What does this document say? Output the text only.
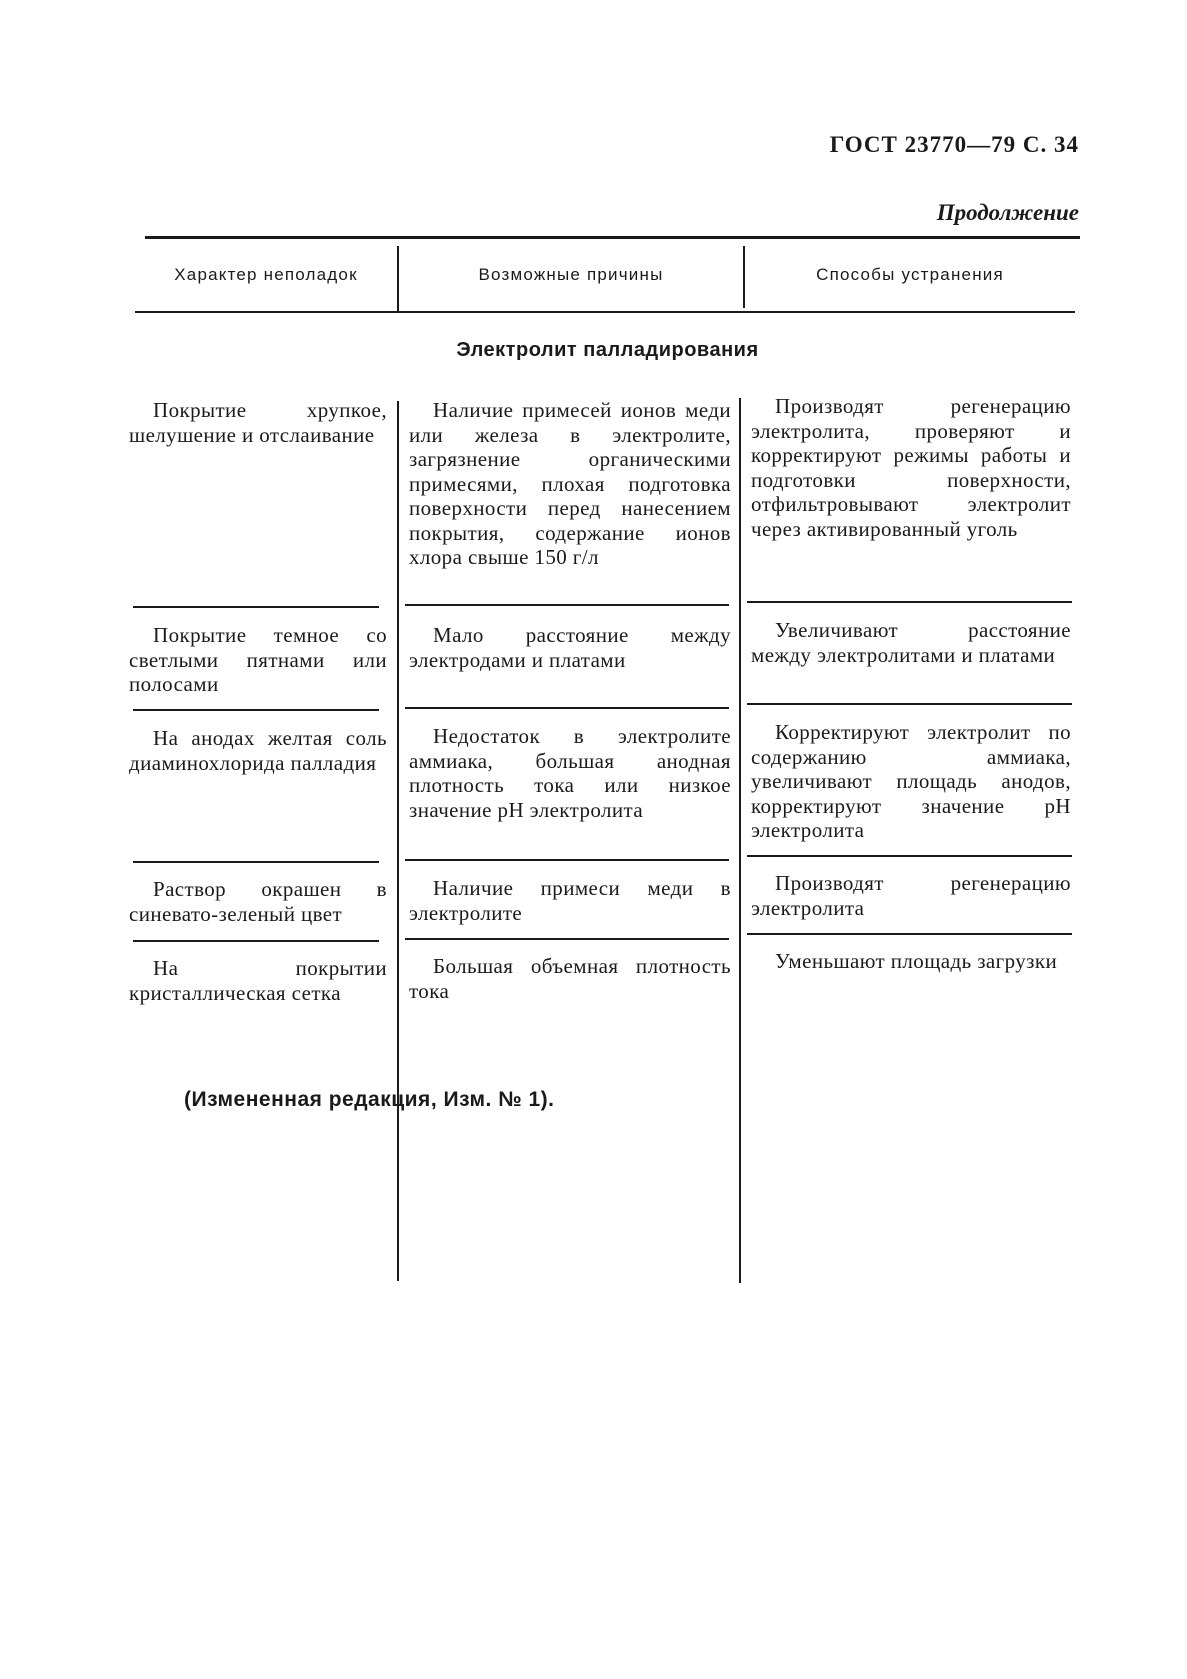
ГОСТ 23770—79 С. 34
Продолжение
Характер неполадок	Возможные причины	Способы устранения
Электролит палладирования
Покрытие хрупкое, шелушение и отслаивание
Наличие примесей ионов меди или железа в электролите, загрязнение органическими примесями, плохая подготовка поверхности перед нанесением покрытия, содержание ионов хлора свыше 150 г/л
Производят регенерацию электролита, проверяют и корректируют режимы работы и подготовки поверхности, отфильтровывают электролит через активированный уголь
Покрытие темное со светлыми пятнами или полосами
Мало расстояние между электродами и платами
Увеличивают расстояние между электролитами и платами
На анодах желтая соль диаминохлорида палладия
Недостаток в электролите аммиака, большая анодная плотность тока или низкое значение pH электролита
Корректируют электролит по содержанию аммиака, увеличивают площадь анодов, корректируют значение pH электролита
Раствор окрашен в синевато-зеленый цвет
Наличие примеси меди в электролите
Производят регенерацию электролита
На покрытии кристаллическая сетка
Большая объемная плотность тока
Уменьшают площадь загрузки
(Измененная редакция, Изм. № 1).
